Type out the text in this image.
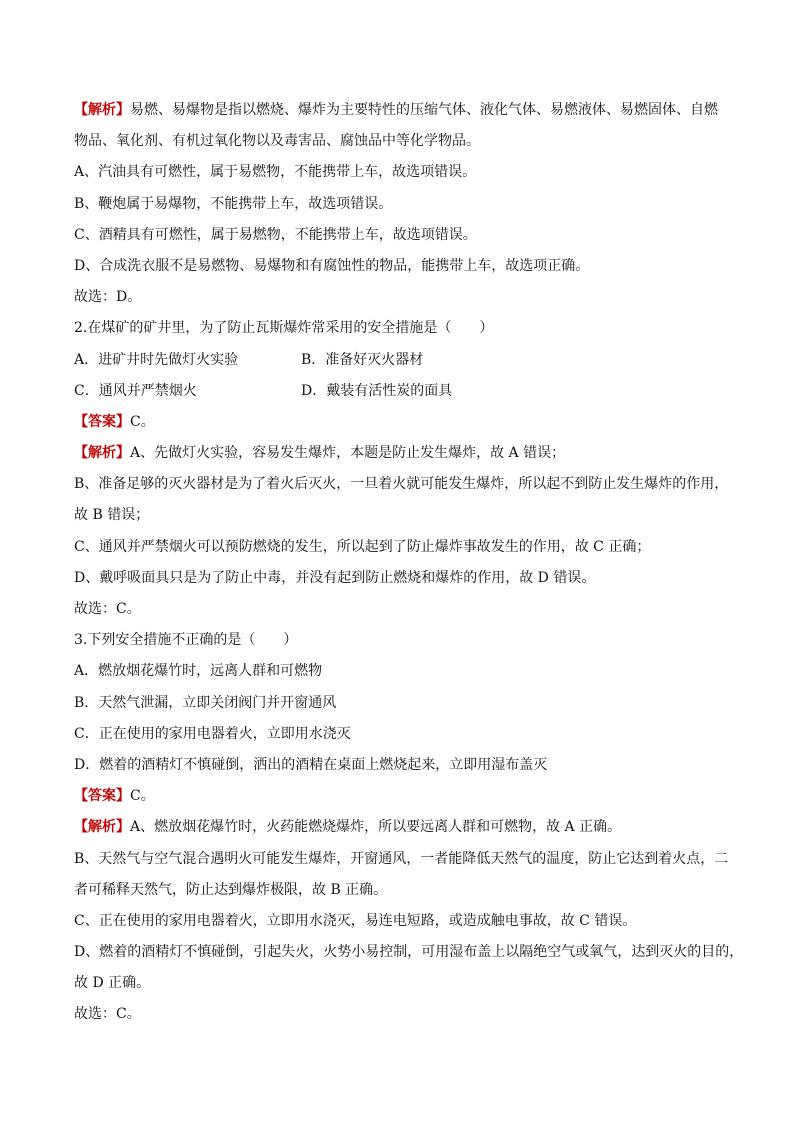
【解析】易燃、易爆物是指以燃烧、爆炸为主要特性的压缩气体、液化气体、易燃液体、易燃固体、自燃
物品、氧化剂、有机过氧化物以及毒害品、腐蚀品中等化学物品。
A、汽油具有可燃性，属于易燃物，不能携带上车，故选项错误。
B、鞭炮属于易爆物，不能携带上车，故选项错误。
C、酒精具有可燃性，属于易燃物，不能携带上车，故选项错误。
D、合成洗衣服不是易燃物、易爆物和有腐蚀性的物品，能携带上车，故选项正确。
故选：D。
2.在煤矿的矿井里，为了防止瓦斯爆炸常采用的安全措施是（　　）
A．进矿井时先做灯火实验	B．准备好灭火器材
C．通风并严禁烟火	D．戴装有活性炭的面具
【答案】C。
【解析】A、先做灯火实验，容易发生爆炸，本题是防止发生爆炸，故 A 错误；
B、准备足够的灭火器材是为了着火后灭火，一旦着火就可能发生爆炸，所以起不到防止发生爆炸的作用，
故 B 错误；
C、通风并严禁烟火可以预防燃烧的发生，所以起到了防止爆炸事故发生的作用，故 C 正确；
D、戴呼吸面具只是为了防止中毒，并没有起到防止燃烧和爆炸的作用，故 D 错误。
故选：C。
3.下列安全措施不正确的是（　　）
A．燃放烟花爆竹时，远离人群和可燃物
B．天然气泄漏，立即关闭阀门并开窗通风
C．正在使用的家用电器着火，立即用水浇灭
D．燃着的酒精灯不慎碰倒，洒出的酒精在桌面上燃烧起来，立即用湿布盖灭
【答案】C。
【解析】A、燃放烟花爆竹时，火药能燃烧爆炸，所以要远离人群和可燃物，故 A 正确。
B、天然气与空气混合遇明火可能发生爆炸，开窗通风，一者能降低天然气的温度，防止它达到着火点，二
者可稀释天然气，防止达到爆炸极限，故 B 正确。
C、正在使用的家用电器着火，立即用水浇灭，易连电短路，或造成触电事故，故 C 错误。
D、燃着的酒精灯不慎碰倒，引起失火，火势小易控制，可用湿布盖上以隔绝空气或氧气，达到灭火的目的，
故 D 正确。
故选：C。
